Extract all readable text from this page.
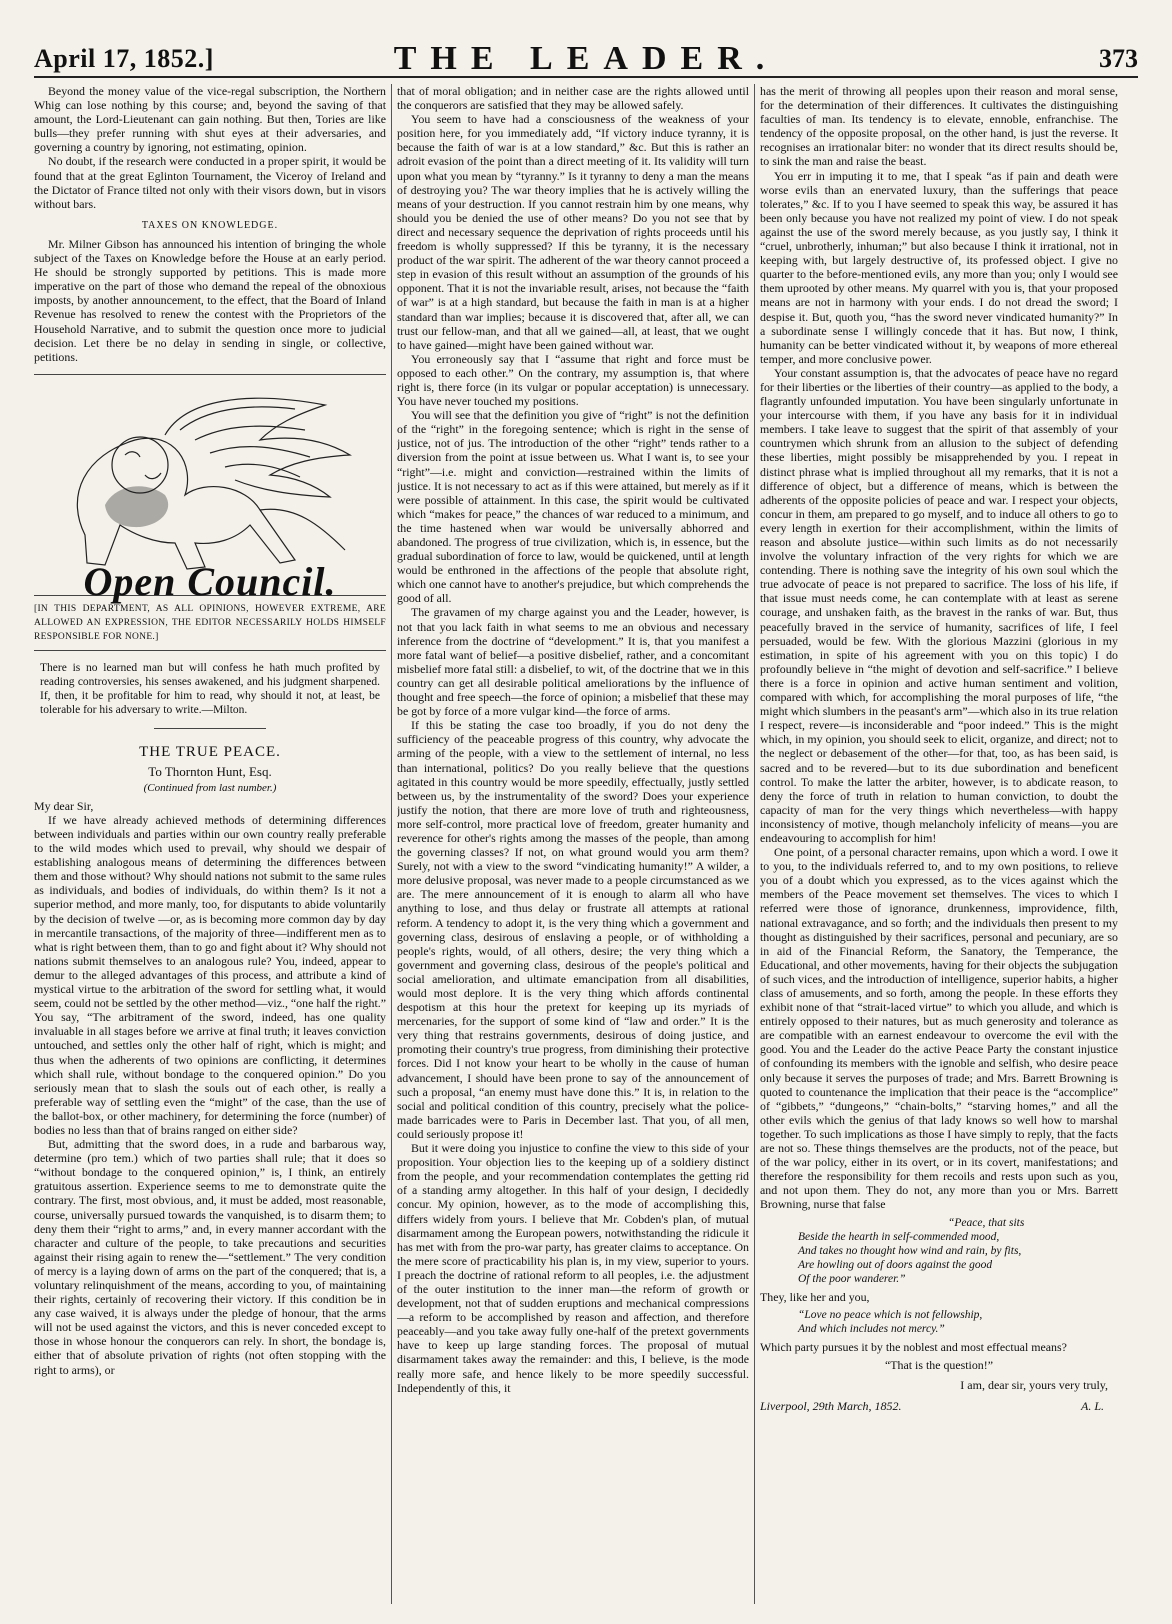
April 17, 1852.]	THE LEADER.	373

Beyond the money value of the vice-regal subscription, the Northern Whig can lose nothing by this course; and, beyond the saving of that amount, the Lord-Lieutenant can gain nothing. But then, Tories are like bulls—they prefer running with shut eyes at their adversaries, and governing a country by ignoring, not estimating, opinion.

No doubt, if the research were conducted in a proper spirit, it would be found that at the great Eglinton Tournament, the Viceroy of Ireland and the Dictator of France tilted not only with their visors down, but in visors without bars.

TAXES ON KNOWLEDGE.

Mr. Milner Gibson has announced his intention of bringing the whole subject of the Taxes on Knowledge before the House at an early period. He should be strongly supported by petitions. This is made more imperative on the part of those who demand the repeal of the obnoxious imposts, by another announcement, to the effect, that the Board of Inland Revenue has resolved to renew the contest with the Proprietors of the Household Narrative, and to submit the question once more to judicial decision. Let there be no delay in sending in single, or collective, petitions.

Open Council.
[IN THIS DEPARTMENT, AS ALL OPINIONS, HOWEVER EXTREME, ARE ALLOWED AN EXPRESSION, THE EDITOR NECESSARILY HOLDS HIMSELF RESPONSIBLE FOR NONE.]
There is no learned man but will confess he hath much profited by reading controversies, his senses awakened, and his judgment sharpened. If, then, it be profitable for him to read, why should it not, at least, be tolerable for his adversary to write.—Milton.
THE TRUE PEACE.
To Thornton Hunt, Esq.
(Continued from last number.)

My dear Sir,

If we have already achieved methods of determining differences between individuals and parties within our own country really preferable to the wild modes which used to prevail, why should we despair of establishing analogous means of determining the differences between them and those without? Why should nations not submit to the same rules as individuals, and bodies of individuals, do within them? Is it not a superior method, and more manly, too, for disputants to abide voluntarily by the decision of twelve —or, as is becoming more common day by day in mercantile transactions, of the majority of three—indifferent men as to what is right between them, than to go and fight about it? Why should not nations submit themselves to an analogous rule? You, indeed, appear to demur to the alleged advantages of this process, and attribute a kind of mystical virtue to the arbitration of the sword for settling what, it would seem, could not be settled by the other method—viz., “one half the right.” You say, “The arbitrament of the sword, indeed, has one quality invaluable in all stages before we arrive at final truth; it leaves conviction untouched, and settles only the other half of right, which is might; and thus when the adherents of two opinions are conflicting, it determines which shall rule, without bondage to the conquered opinion.” Do you seriously mean that to slash the souls out of each other, is really a preferable way of settling even the “might” of the case, than the use of the ballot-box, or other machinery, for determining the force (number) of bodies no less than that of brains ranged on either side?

But, admitting that the sword does, in a rude and barbarous way, determine (pro tem.) which of two parties shall rule; that it does so “without bondage to the conquered opinion,” is, I think, an entirely gratuitous assertion. Experience seems to me to demonstrate quite the contrary. The first, most obvious, and, it must be added, most reasonable, course, universally pursued towards the vanquished, is to disarm them; to deny them their “right to arms,” and, in every manner accordant with the character and culture of the people, to take precautions and securities against their rising again to renew the—“settlement.” The very condition of mercy is a laying down of arms on the part of the conquered; that is, a voluntary relinquishment of the means, according to you, of maintaining their rights, certainly of recovering their victory. If this condition be in any case waived, it is always under the pledge of honour, that the arms will not be used against the victors, and this is never conceded except to those in whose honour the conquerors can rely. In short, the bondage is, either that of absolute privation of rights (not often stopping with the right to arms), or

that of moral obligation; and in neither case are the rights allowed until the conquerors are satisfied that they may be allowed safely.

You seem to have had a consciousness of the weakness of your position here, for you immediately add, “If victory induce tyranny, it is because the faith of war is at a low standard,” &c. But this is rather an adroit evasion of the point than a direct meeting of it. Its validity will turn upon what you mean by “tyranny.” Is it tyranny to deny a man the means of destroying you? The war theory implies that he is actively willing the means of your destruction. If you cannot restrain him by one means, why should you be denied the use of other means? Do you not see that by direct and necessary sequence the deprivation of rights proceeds until his freedom is wholly suppressed? If this be tyranny, it is the necessary product of the war spirit. The adherent of the war theory cannot proceed a step in evasion of this result without an assumption of the grounds of his opponent. That it is not the invariable result, arises, not because the “faith of war” is at a high standard, but because the faith in man is at a higher standard than war implies; because it is discovered that, after all, we can trust our fellow-man, and that all we gained—all, at least, that we ought to have gained—might have been gained without war.

You erroneously say that I “assume that right and force must be opposed to each other.” On the contrary, my assumption is, that where right is, there force (in its vulgar or popular acceptation) is unnecessary. You have never touched my positions.

You will see that the definition you give of “right” is not the definition of the “right” in the foregoing sentence; which is right in the sense of justice, not of jus. The introduction of the other “right” tends rather to a diversion from the point at issue between us. What I want is, to see your “right”—i.e. might and conviction—restrained within the limits of justice. It is not necessary to act as if this were attained, but merely as if it were possible of attainment. In this case, the spirit would be cultivated which “makes for peace,” the chances of war reduced to a minimum, and the time hastened when war would be universally abhorred and abandoned. The progress of true civilization, which is, in essence, but the gradual subordination of force to law, would be quickened, until at length would be enthroned in the affections of the people that absolute right, which one cannot have to another's prejudice, but which comprehends the good of all.

The gravamen of my charge against you and the Leader, however, is not that you lack faith in what seems to me an obvious and necessary inference from the doctrine of “development.” It is, that you manifest a more fatal want of belief—a positive disbelief, rather, and a concomitant misbelief more fatal still: a disbelief, to wit, of the doctrine that we in this country can get all desirable political ameliorations by the influence of thought and free speech—the force of opinion; a misbelief that these may be got by force of a more vulgar kind—the force of arms.

If this be stating the case too broadly, if you do not deny the sufficiency of the peaceable progress of this country, why advocate the arming of the people, with a view to the settlement of internal, no less than international, politics? Do you really believe that the questions agitated in this country would be more speedily, effectually, justly settled between us, by the instrumentality of the sword? Does your experience justify the notion, that there are more love of truth and righteousness, more self-control, more practical love of freedom, greater humanity and reverence for other's rights among the masses of the people, than among the governing classes? If not, on what ground would you arm them? Surely, not with a view to the sword “vindicating humanity!” A wilder, a more delusive proposal, was never made to a people circumstanced as we are. The mere announcement of it is enough to alarm all who have anything to lose, and thus delay or frustrate all attempts at rational reform. A tendency to adopt it, is the very thing which a government and governing class, desirous of enslaving a people, or of withholding a people's rights, would, of all others, desire; the very thing which a government and governing class, desirous of the people's political and social amelioration, and ultimate emancipation from all disabilities, would most deplore. It is the very thing which affords continental despotism at this hour the pretext for keeping up its myriads of mercenaries, for the support of some kind of “law and order.” It is the very thing that restrains governments, desirous of doing justice, and promoting their country's true progress, from diminishing their protective forces. Did I not know your heart to be wholly in the cause of human advancement, I should have been prone to say of the announcement of such a proposal, “an enemy must have done this.” It is, in relation to the social and political condition of this country, precisely what the police-made barricades were to Paris in December last. That you, of all men, could seriously propose it!

But it were doing you injustice to confine the view to this side of your proposition. Your objection lies to the keeping up of a soldiery distinct from the people, and your recommendation contemplates the getting rid of a standing army altogether. In this half of your design, I decidedly concur. My opinion, however, as to the mode of accomplishing this, differs widely from yours. I believe that Mr. Cobden's plan, of mutual disarmament among the European powers, notwithstanding the ridicule it has met with from the pro-war party, has greater claims to acceptance. On the mere score of practicability his plan is, in my view, superior to yours. I preach the doctrine of rational reform to all peoples, i.e. the adjustment of the outer institution to the inner man—the reform of growth or development, not that of sudden eruptions and mechanical compressions—a reform to be accomplished by reason and affection, and therefore peaceably—and you take away fully one-half of the pretext governments have to keep up large standing forces. The proposal of mutual disarmament takes away the remainder: and this, I believe, is the mode really more safe, and hence likely to be more speedily successful. Independently of this, it

has the merit of throwing all peoples upon their reason and moral sense, for the determination of their differences. It cultivates the distinguishing faculties of man. Its tendency is to elevate, ennoble, enfranchise. The tendency of the opposite proposal, on the other hand, is just the reverse. It recognises an irrationalar biter: no wonder that its direct results should be, to sink the man and raise the beast.

You err in imputing it to me, that I speak “as if pain and death were worse evils than an enervated luxury, than the sufferings that peace tolerates,” &c. If to you I have seemed to speak this way, be assured it has been only because you have not realized my point of view. I do not speak against the use of the sword merely because, as you justly say, I think it “cruel, unbrotherly, inhuman;” but also because I think it irrational, not in keeping with, but largely destructive of, its professed object. I give no quarter to the before-mentioned evils, any more than you; only I would see them uprooted by other means. My quarrel with you is, that your proposed means are not in harmony with your ends. I do not dread the sword; I despise it. But, quoth you, “has the sword never vindicated humanity?” In a subordinate sense I willingly concede that it has. But now, I think, humanity can be better vindicated without it, by weapons of more ethereal temper, and more conclusive power.

Your constant assumption is, that the advocates of peace have no regard for their liberties or the liberties of their country—as applied to the body, a flagrantly unfounded imputation. You have been singularly unfortunate in your intercourse with them, if you have any basis for it in individual members. I take leave to suggest that the spirit of that assembly of your countrymen which shrunk from an allusion to the subject of defending these liberties, might possibly be misapprehended by you. I repeat in distinct phrase what is implied throughout all my remarks, that it is not a difference of object, but a difference of means, which is between the adherents of the opposite policies of peace and war. I respect your objects, concur in them, am prepared to go myself, and to induce all others to go to every length in exertion for their accomplishment, within the limits of reason and absolute justice—within such limits as do not necessarily involve the voluntary infraction of the very rights for which we are contending. There is nothing save the integrity of his own soul which the true advocate of peace is not prepared to sacrifice. The loss of his life, if that issue must needs come, he can contemplate with at least as serene courage, and unshaken faith, as the bravest in the ranks of war. But, thus peacefully braved in the service of humanity, sacrifices of life, I feel persuaded, would be few. With the glorious Mazzini (glorious in my estimation, in spite of his agreement with you on this topic) I do profoundly believe in “the might of devotion and self-sacrifice.” I believe there is a force in opinion and active human sentiment and volition, compared with which, for accomplishing the moral purposes of life, “the might which slumbers in the peasant's arm”—which also in its true relation I respect, revere—is inconsiderable and “poor indeed.” This is the might which, in my opinion, you should seek to elicit, organize, and direct; not to the neglect or debasement of the other—for that, too, as has been said, is sacred and to be revered—but to its due subordination and beneficent control. To make the latter the arbiter, however, is to abdicate reason, to deny the force of truth in relation to human conviction, to doubt the capacity of man for the very things which nevertheless—with happy inconsistency of motive, though melancholy infelicity of means—you are endeavouring to accomplish for him!

One point, of a personal character remains, upon which a word. I owe it to you, to the individuals referred to, and to my own positions, to relieve you of a doubt which you expressed, as to the vices against which the members of the Peace movement set themselves. The vices to which I referred were those of ignorance, drunkenness, improvidence, filth, national extravagance, and so forth; and the individuals then present to my thought as distinguished by their sacrifices, personal and pecuniary, are so in aid of the Financial Reform, the Sanatory, the Temperance, the Educational, and other movements, having for their objects the subjugation of such vices, and the introduction of intelligence, superior habits, a higher class of amusements, and so forth, among the people. In these efforts they exhibit none of that “strait-laced virtue” to which you allude, and which is entirely opposed to their natures, but as much generosity and tolerance as are compatible with an earnest endeavour to overcome the evil with the good. You and the Leader do the active Peace Party the constant injustice of confounding its members with the ignoble and selfish, who desire peace only because it serves the purposes of trade; and Mrs. Barrett Browning is quoted to countenance the implication that their peace is the “accomplice” of “gibbets,” “dungeons,” “chain-bolts,” “starving homes,” and all the other evils which the genius of that lady knows so well how to marshal together. To such implications as those I have simply to reply, that the facts are not so. These things themselves are the products, not of the peace, but of the war policy, either in its overt, or in its covert, manifestations; and therefore the responsibility for them recoils and rests upon such as you, and not upon them. They do not, any more than you or Mrs. Barrett Browning, nurse that false

“Peace, that sits
Beside the hearth in self-commended mood,
And takes no thought how wind and rain, by fits,
Are howling out of doors against the good
Of the poor wanderer.”

They, like her and you,

“Love no peace which is not fellowship,
And which includes not mercy.”

Which party pursues it by the noblest and most effectual means?

“That is the question!”
I am, dear sir, yours very truly,
Liverpool, 29th March, 1852.	A. L.
